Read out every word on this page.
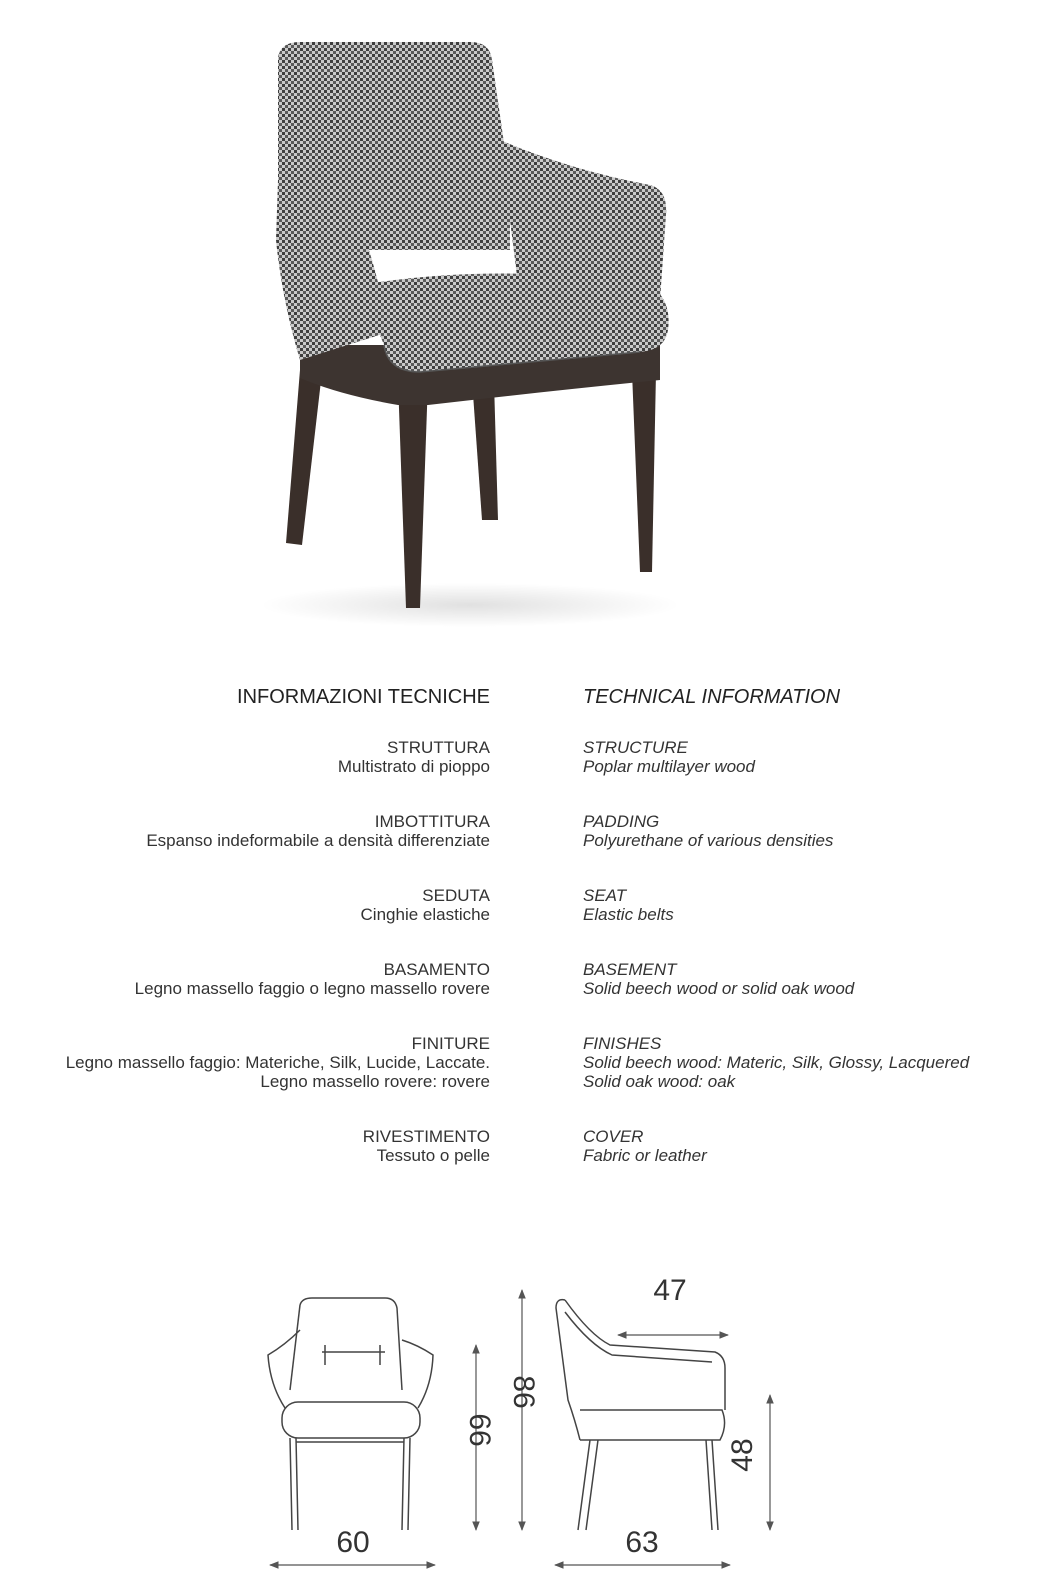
INFORMAZIONI TECNICHE	TECHNICAL INFORMATION
STRUTTURA
Multistrato di pioppo
STRUCTURE
Poplar multilayer wood
IMBOTTITURA
Espanso indeformabile a densità differenziate
PADDING
Polyurethane of various densities
SEDUTA
Cinghie elastiche
SEAT
Elastic belts
BASAMENTO
Legno massello faggio o legno massello rovere
BASEMENT
Solid beech wood or solid oak wood
FINITURE
Legno massello faggio: Materiche, Silk, Lucide, Laccate.
Legno massello rovere: rovere
FINISHES
Solid beech wood: Materic, Silk, Glossy, Lacquered
Solid oak wood: oak
RIVESTIMENTO
Tessuto o pelle
COVER
Fabric or leather
60
66
86
47
48
63
